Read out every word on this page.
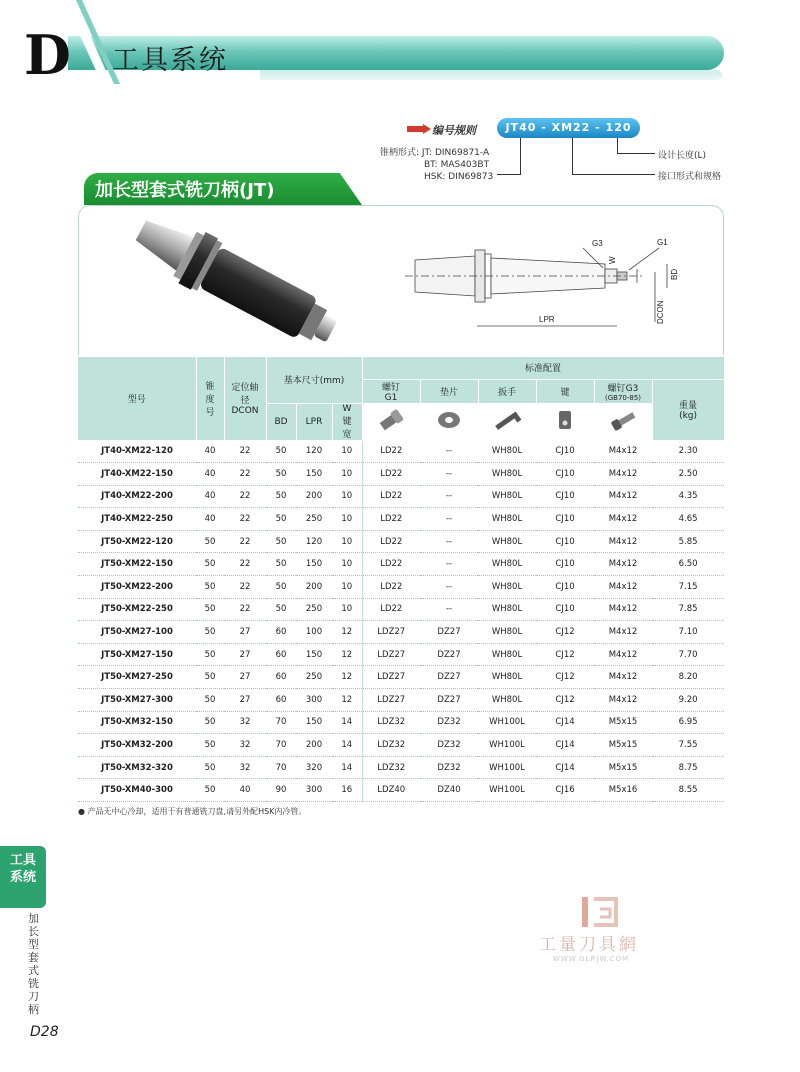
D 工具系统
编号规则	JT40 - XM22 - 120
锥柄形式: JT: DIN69871-A
BT: MAS403BT
HSK: DIN69873
设计长度(L)
接口形式和规格
加长型套式铣刀柄(JT)
G3
W
G1
BD
LPR	DCON
型号	锥度号	定位轴径 DCON	基本尺寸(mm)			标准配置					
						螺钉 G1	垫片	扳手	键	螺钉G3
(GB70-85)	重量 (kg)
			BD	LPR	W 键宽					
JT40-XM22-120	40	22	50	120	10	LD22	--	WH80L	CJ10	M4x12	2.30
JT40-XM22-150	40	22	50	150	10	LD22	--	WH80L	CJ10	M4x12	2.50
JT40-XM22-200	40	22	50	200	10	LD22	--	WH80L	CJ10	M4x12	4.35
JT40-XM22-250	40	22	50	250	10	LD22	--	WH80L	CJ10	M4x12	4.65
JT50-XM22-120	50	22	50	120	10	LD22	--	WH80L	CJ10	M4x12	5.85
JT50-XM22-150	50	22	50	150	10	LD22	--	WH80L	CJ10	M4x12	6.50
JT50-XM22-200	50	22	50	200	10	LD22	--	WH80L	CJ10	M4x12	7.15
JT50-XM22-250	50	22	50	250	10	LD22	--	WH80L	CJ10	M4x12	7.85
JT50-XM27-100	50	27	60	100	12	LDZ27	DZ27	WH80L	CJ12	M4x12	7.10
JT50-XM27-150	50	27	60	150	12	LDZ27	DZ27	WH80L	CJ12	M4x12	7.70
JT50-XM27-250	50	27	60	250	12	LDZ27	DZ27	WH80L	CJ12	M4x12	8.20
JT50-XM27-300	50	27	60	300	12	LDZ27	DZ27	WH80L	CJ12	M4x12	9.20
JT50-XM32-150	50	32	70	150	14	LDZ32	DZ32	WH100L	CJ14	M5x15	6.95
JT50-XM32-200	50	32	70	200	14	LDZ32	DZ32	WH100L	CJ14	M5x15	7.55
JT50-XM32-320	50	32	70	320	14	LDZ32	DZ32	WH100L	CJ14	M5x15	8.75
JT50-XM40-300	50	40	90	300	16	LDZ40	DZ40	WH100L	CJ16	M5x16	8.55
● 产品无中心冷却，适用于有普通铣刀盘,请另外配HSK内冷管。
工具系统
加长型套式铣刀柄
D28
工量刀具網
WWW.GLRJW.COM
